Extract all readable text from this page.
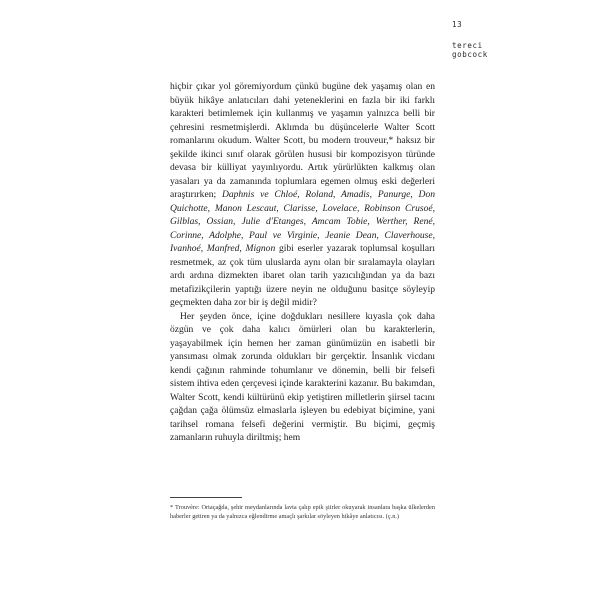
13
tereci
gobcock

hiçbir çıkar yol göremiyordum çünkü bugüne dek yaşamış olan en büyük hikâye anlatıcıları dahi yeteneklerini en fazla bir iki farklı karakteri betimlemek için kullanmış ve yaşamın yalnızca belli bir çehresini resmetmişlerdi. Aklımda bu düşüncelerle Walter Scott romanlarını okudum. Walter Scott, bu modern trouveur,* haksız bir şekilde ikinci sınıf olarak görülen hususi bir kompozisyon türünde devasa bir külliyat yayınlıyordu. Artık yürürlükten kalkmış olan yasaları ya da zamanında toplumlara egemen olmuş eski değerleri araştırırken; Daphnis ve Chloé, Roland, Amadis, Panurge, Don Quichotte, Manon Lescaut, Clarisse, Lovelace, Robinson Crusoé, Gilblas, Ossian, Julie d'Etanges, Amcam Tobie, Werther, René, Corinne, Adolphe, Paul ve Virginie, Jeanie Dean, Claverhouse, Ivanhoé, Manfred, Mignon gibi eserler yazarak toplumsal koşulları resmetmek, az çok tüm uluslarda aynı olan bir sıralamayla olayları ardı ardına dizmekten ibaret olan tarih yazıcılığından ya da bazı metafizikçilerin yaptığı üzere neyin ne olduğunu basitçe söyleyip geçmekten daha zor bir iş değil midir?

Her şeyden önce, içine doğdukları nesillere kıyasla çok daha özgün ve çok daha kalıcı ömürleri olan bu karakterlerin, yaşayabilmek için hemen her zaman günümüzün en isabetli bir yansıması olmak zorunda oldukları bir gerçektir. İnsanlık vicdanı kendi çağının rahminde tohumlanır ve dönemin, belli bir felsefi sistem ihtiva eden çerçevesi içinde karakterini kazanır. Bu bakımdan, Walter Scott, kendi kültürünü ekip yetiştiren milletlerin şiirsel tacını çağdan çağa ölümsüz elmaslarla işleyen bu edebiyat biçimine, yani tarihsel romana felsefi değerini vermiştir. Bu biçimi, geçmiş zamanların ruhuyla diriltmiş; hem

* Trouvère: Ortaçağda, şehir meydanlarında lavta çalıp epik şiirler okuyarak insanlara başka ülkelerden haberler getiren ya da yalnızca eğlendirme amaçlı şarkılar söyleyen hikâye anlatıcısı. (ç.n.)
